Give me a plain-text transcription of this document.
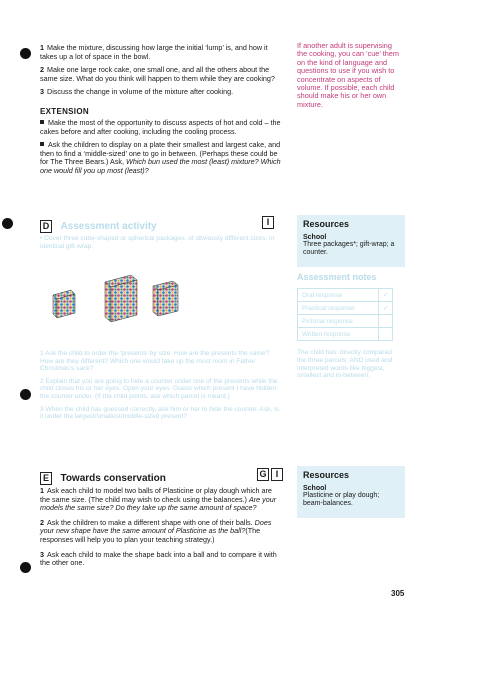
1 Make the mixture, discussing how large the initial ‘lump’ is, and how it takes up a lot of space in the bowl.

2 Make one large rock cake, one small one, and all the others about the same size. What do you think will happen to them while they are cooking?

3 Discuss the change in volume of the mixture after cooking.

EXTENSION

Make the most of the opportunity to discuss aspects of hot and cold – the cakes before and after cooking, including the cooling process.

Ask the children to display on a plate their smallest and largest cake, and then to find a ‘middle-sized’ one to go in between. (Perhaps these could be for The Three Bears.) Ask, Which bun used the most (least) mixture? Which one would fill you up most (least)?

If another adult is supervising the cooking, you can ‘cue’ them on the kind of language and questions to use if you wish to concentrate on aspects of volume. If possible, each child should make his or her own mixture.
D Assessment activity	I
• Cover three cube-shaped or spherical packages, of obviously different sizes, in identical gift-wrap.

1 Ask the child to order the ‘presents’ by size. How are the presents the same? How are they different? Which one would take up the most room in Father Christmas’s sack?

2 Explain that you are going to hide a counter under one of the presents while the child closes his or her eyes. Open your eyes. Guess which present I have hidden the counter under. (If the child points, ask which parcel is meant.)

3 When the child has guessed correctly, ask him or her to hide the counter. Ask, Is it under the largest/smallest/middle-sized present?

Resources
School
Three packages*; gift-wrap; a counter.
Assessment notes
Oral response	✓
Practical response	✓
Pictorial response	
Written response	
The child has: directly compared the three parcels; AND used and interpreted words like biggest, smallest and in-between.
E Towards conservation	G	I

1 Ask each child to model two balls of Plasticine or play dough which are the same size. (The child may wish to check using the balances.) Are your models the same size? Do they take up the same amount of space?

2 Ask the children to make a different shape with one of their balls. Does your new shape have the same amount of Plasticine as the ball?(The responses will help you to plan your teaching strategy.)

3 Ask each child to make the shape back into a ball and to compare it with the other one.

Resources
School
Plasticine or play dough; beam-balances.
305
